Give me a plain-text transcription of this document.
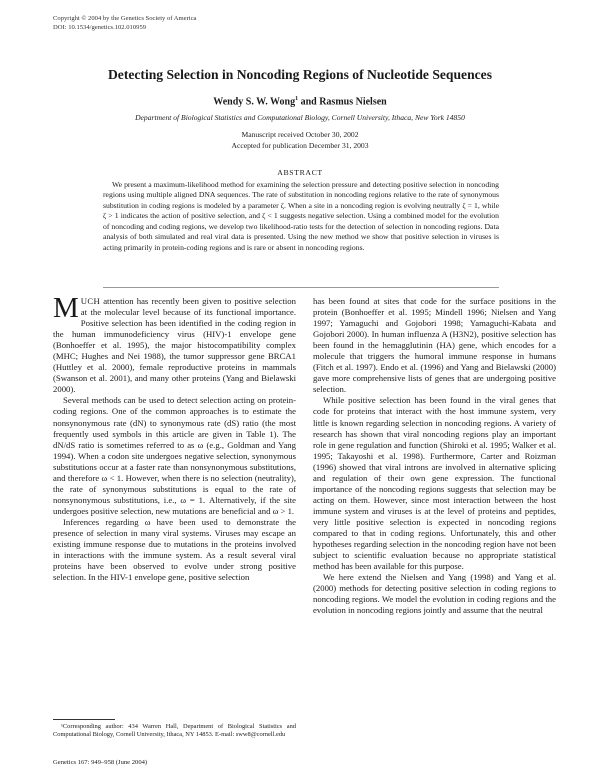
Copyright © 2004 by the Genetics Society of America
DOI: 10.1534/genetics.102.010959
Detecting Selection in Noncoding Regions of Nucleotide Sequences
Wendy S. W. Wong$^1$ and Rasmus Nielsen
Department of Biological Statistics and Computational Biology, Cornell University, Ithaca, New York 14850
Manuscript received October 30, 2002
Accepted for publication December 31, 2003
ABSTRACT

We present a maximum-likelihood method for examining the selection pressure and detecting positive selection in noncoding regions using multiple aligned DNA sequences. The rate of substitution in noncoding regions relative to the rate of synonymous substitution in coding regions is modeled by a parameter ζ. When a site in a noncoding region is evolving neutrally ζ = 1, while ζ > 1 indicates the action of positive selection, and ζ < 1 suggests negative selection. Using a combined model for the evolution of noncoding and coding regions, we develop two likelihood-ratio tests for the detection of selection in noncoding regions. Data analysis of both simulated and real viral data is presented. Using the new method we show that positive selection in viruses is acting primarily in protein-coding regions and is rare or absent in noncoding regions.

MUCH attention has recently been given to positive selection at the molecular level because of its functional importance. Positive selection has been identified in the coding region in the human immunodeficiency virus (HIV)-1 envelope gene (Bonhoeffer et al. 1995), the major histocompatibility complex (MHC; Hughes and Nei 1988), the tumor suppressor gene BRCA1 (Huttley et al. 2000), female reproductive proteins in mammals (Swanson et al. 2001), and many other proteins (Yang and Bielawski 2000).

Several methods can be used to detect selection acting on protein-coding regions. One of the common approaches is to estimate the nonsynonymous rate (dN) to synonymous rate (dS) ratio (the most frequently used symbols in this article are given in Table 1). The dN/dS ratio is sometimes referred to as ω (e.g., Goldman and Yang 1994). When a codon site undergoes negative selection, synonymous substitutions occur at a faster rate than nonsynonymous substitutions, and therefore ω < 1. However, when there is no selection (neutrality), the rate of synonymous substitutions is equal to the rate of nonsynonymous substitutions, i.e., ω = 1. Alternatively, if the site undergoes positive selection, new mutations are beneficial and ω > 1.

Inferences regarding ω have been used to demonstrate the presence of selection in many viral systems. Viruses may escape an existing immune response due to mutations in the proteins involved in interactions with the immune system. As a result several viral proteins have been observed to evolve under strong positive selection. In the HIV-1 envelope gene, positive selection

has been found at sites that code for the surface positions in the protein (Bonhoeffer et al. 1995; Mindell 1996; Nielsen and Yang 1997; Yamaguchi and Gojobori 1998; Yamaguchi-Kabata and Gojobori 2000). In human influenza A (H3N2), positive selection has been found in the hemagglutinin (HA) gene, which encodes for a molecule that triggers the humoral immune response in humans (Fitch et al. 1997). Endo et al. (1996) and Yang and Bielawski (2000) gave more comprehensive lists of genes that are undergoing positive selection.

While positive selection has been found in the viral genes that code for proteins that interact with the host immune system, very little is known regarding selection in noncoding regions. A variety of research has shown that viral noncoding regions play an important role in gene regulation and function (Shiroki et al. 1995; Walker et al. 1995; Takayoshi et al. 1998). Furthermore, Carter and Roizman (1996) showed that viral introns are involved in alternative splicing and regulation of their own gene expression. The functional importance of the noncoding regions suggests that selection may be acting on them. However, since most interaction between the host immune system and viruses is at the level of proteins and peptides, very little positive selection is expected in noncoding regions compared to that in coding regions. Unfortunately, this and other hypotheses regarding selection in the noncoding region have not been subject to scientific evaluation because no appropriate statistical method has been available for this purpose.

We here extend the Nielsen and Yang (1998) and Yang et al. (2000) methods for detecting positive selection in coding regions to noncoding regions. We model the evolution in coding regions and the evolution in noncoding regions jointly and assume that the neutral

¹Corresponding author: 434 Warren Hall, Department of Biological Statistics and Computational Biology, Cornell University, Ithaca, NY 14853. E-mail: sww8@cornell.edu
Genetics 167: 949–958 (June 2004)
